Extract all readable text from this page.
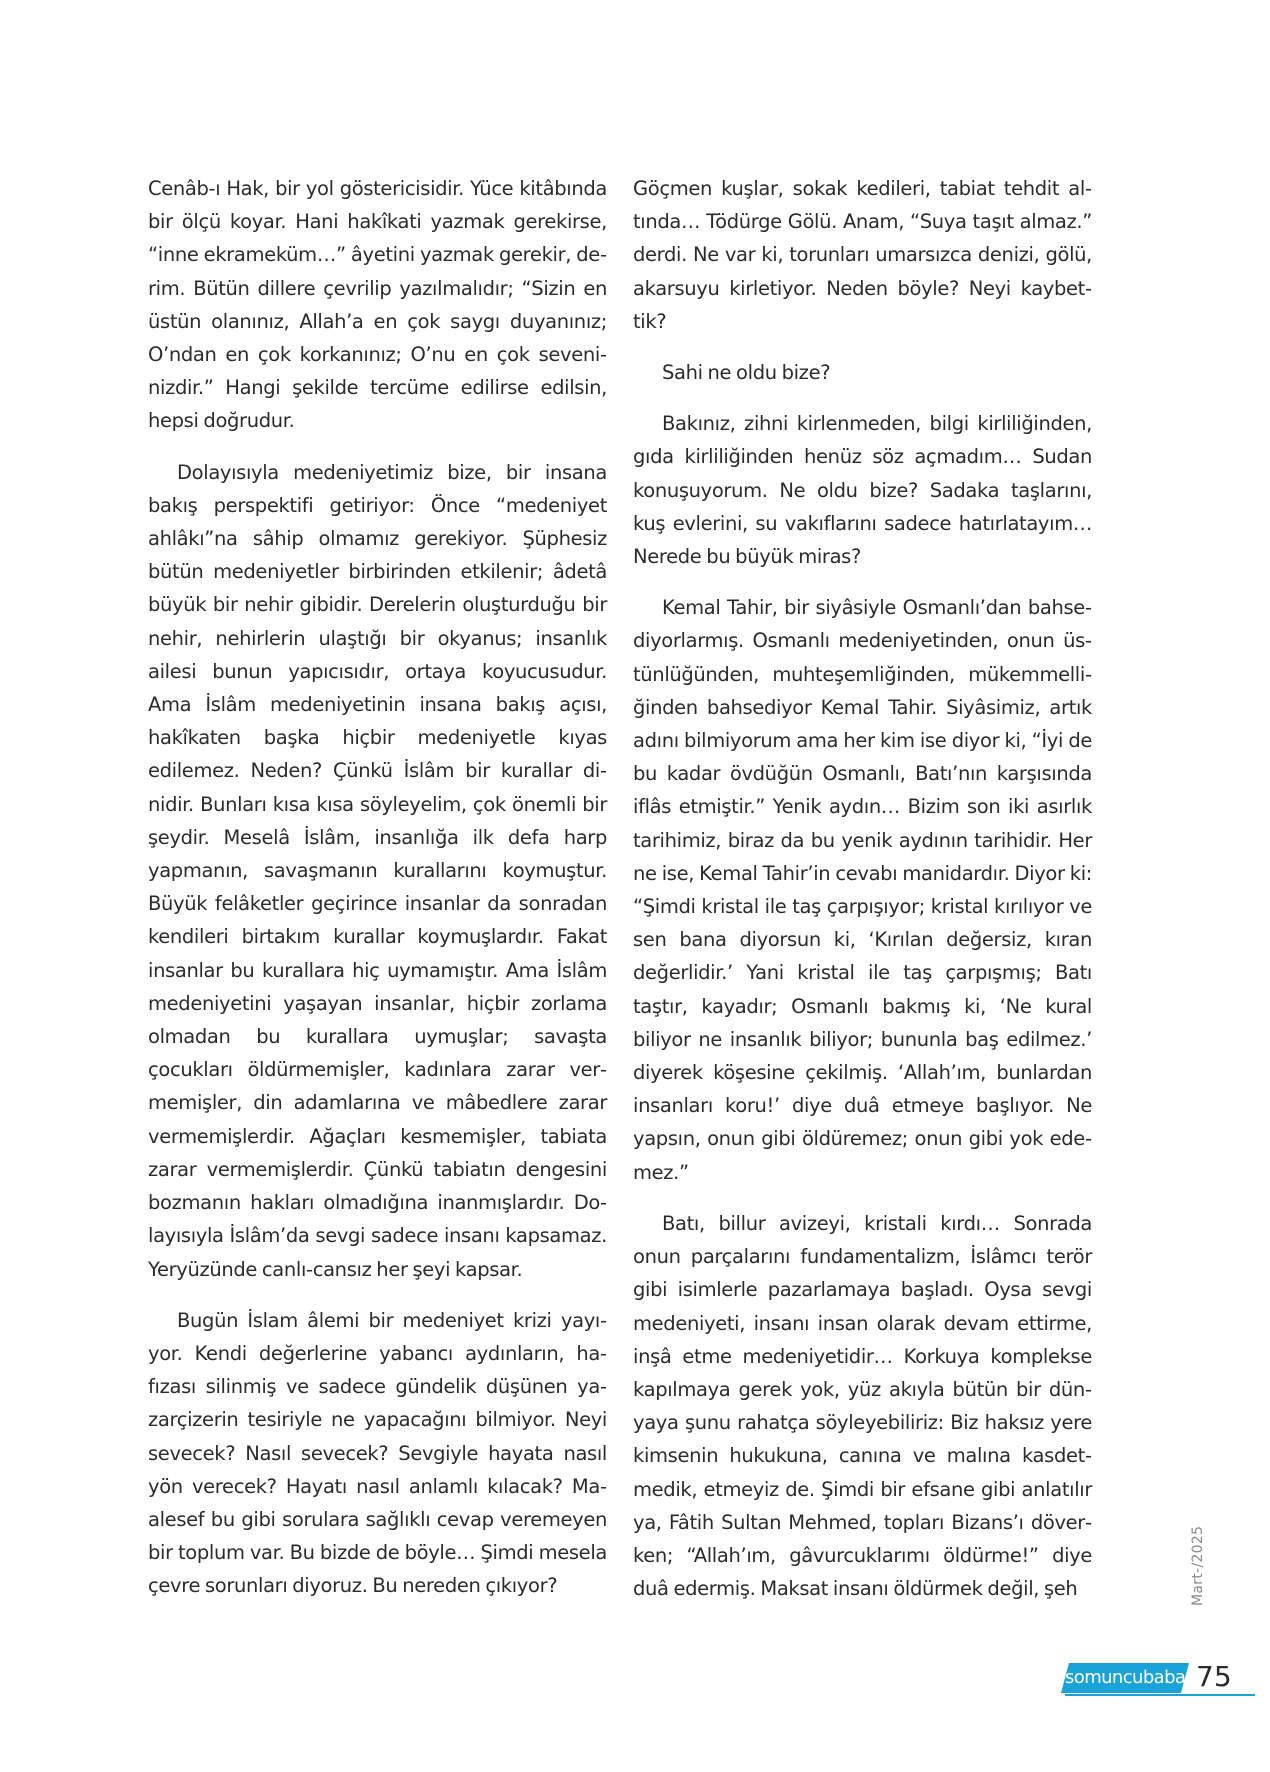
Cenâb-ı Hak, bir yol göstericisidir. Yüce kitâbında bir ölçü koyar. Hani hakîkati yazmak gerekirse, “inne ekrameküm…” âyetini yazmak gerekir, derim. Bütün dillere çevrilip yazılmalıdır; “Sizin en üstün olanınız, Allah’a en çok saygı duyanınız; O’ndan en çok korkanınız; O’nu en çok seveninizdir.” Hangi şekilde tercüme edilirse edilsin, hepsi doğrudur.

Dolayısıyla medeniyetimiz bize, bir insana bakış perspektifi getiriyor: Önce “medeniyet ahlâkı”na sâhip olmamız gerekiyor. Şüphesiz bütün medeniyetler birbirinden etkilenir; âdetâ büyük bir nehir gibidir. Derelerin oluşturduğu bir nehir, nehirlerin ulaştığı bir okyanus; insanlık ailesi bunun yapıcısıdır, ortaya koyucusudur. Ama İslâm medeniyetinin insana bakış açısı, hakîkaten başka hiçbir medeniyetle kıyas edilemez. Neden? Çünkü İslâm bir kurallar dinidir. Bunları kısa kısa söyleyelim, çok önemli bir şeydir. Meselâ İslâm, insanlığa ilk defa harp yapmanın, savaşmanın kurallarını koymuştur. Büyük felâketler geçirince insanlar da sonradan kendileri birtakım kurallar koymuşlardır. Fakat insanlar bu kurallara hiç uymamıştır. Ama İslâm medeniyetini yaşayan insanlar, hiçbir zorlama olmadan bu kurallara uymuşlar; savaşta çocukları öldürmemişler, kadınlara zarar vermemişler, din adamlarına ve mâbedlere zarar vermemişlerdir. Ağaçları kesmemişler, tabiata zarar vermemişlerdir. Çünkü tabiatın dengesini bozmanın hakları olmadığına inanmışlardır. Dolayısıyla İslâm’da sevgi sadece insanı kapsamaz. Yeryüzünde canlı-cansız her şeyi kapsar.

Bugün İslam âlemi bir medeniyet krizi yayıyor. Kendi değerlerine yabancı aydınların, hafızası silinmiş ve sadece gündelik düşünen yazarçizerin tesiriyle ne yapacağını bilmiyor. Neyi sevecek? Nasıl sevecek? Sevgiyle hayata nasıl yön verecek? Hayatı nasıl anlamlı kılacak? Maalesef bu gibi sorulara sağlıklı cevap veremeyen bir toplum var. Bu bizde de böyle… Şimdi mesela çevre sorunları diyoruz. Bu nereden çıkıyor?

Göçmen kuşlar, sokak kedileri, tabiat tehdit altında… Tödürge Gölü. Anam, “Suya taşıt almaz.” derdi. Ne var ki, torunları umarsızca denizi, gölü, akarsuyu kirletiyor. Neden böyle? Neyi kaybettik?

Sahi ne oldu bize?

Bakınız, zihni kirlenmeden, bilgi kirliliğinden, gıda kirliliğinden henüz söz açmadım… Sudan konuşuyorum. Ne oldu bize? Sadaka taşlarını, kuş evlerini, su vakıflarını sadece hatırlatayım… Nerede bu büyük miras?

Kemal Tahir, bir siyâsiyle Osmanlı’dan bahsediyorlarmış. Osmanlı medeniyetinden, onun üstünlüğünden, muhteşemliğinden, mükemmelliğinden bahsediyor Kemal Tahir. Siyâsimiz, artık adını bilmiyorum ama her kim ise diyor ki, “İyi de bu kadar övdüğün Osmanlı, Batı’nın karşısında iflâs etmiştir.” Yenik aydın… Bizim son iki asırlık tarihimiz, biraz da bu yenik aydının tarihidir. Her ne ise, Kemal Tahir’in cevabı manidardır. Diyor ki: “Şimdi kristal ile taş çarpışıyor; kristal kırılıyor ve sen bana diyorsun ki, ‘Kırılan değersiz, kıran değerlidir.’ Yani kristal ile taş çarpışmış; Batı taştır, kayadır; Osmanlı bakmış ki, ‘Ne kural biliyor ne insanlık biliyor; bununla baş edilmez.’ diyerek köşesine çekilmiş. ‘Allah’ım, bunlardan insanları koru!’ diye duâ etmeye başlıyor. Ne yapsın, onun gibi öldüremez; onun gibi yok edemez.”

Batı, billur avizeyi, kristali kırdı… Sonrada onun parçalarını fundamentalizm, İslâmcı terör gibi isimlerle pazarlamaya başladı. Oysa sevgi medeniyeti, insanı insan olarak devam ettirme, inşâ etme medeniyetidir… Korkuya komplekse kapılmaya gerek yok, yüz akıyla bütün bir dünyaya şunu rahatça söyleyebiliriz: Biz haksız yere kimsenin hukukuna, canına ve malına kasdetmedik, etmeyiz de. Şimdi bir efsane gibi anlatılır ya, Fâtih Sultan Mehmed, topları Bizans’ı döverken; “Allah’ım, gâvurcuklarımı öldürme!” diye duâ edermiş. Maksat insanı öldürmek değil, şeh	Mart-/2025
somuncubaba 75
